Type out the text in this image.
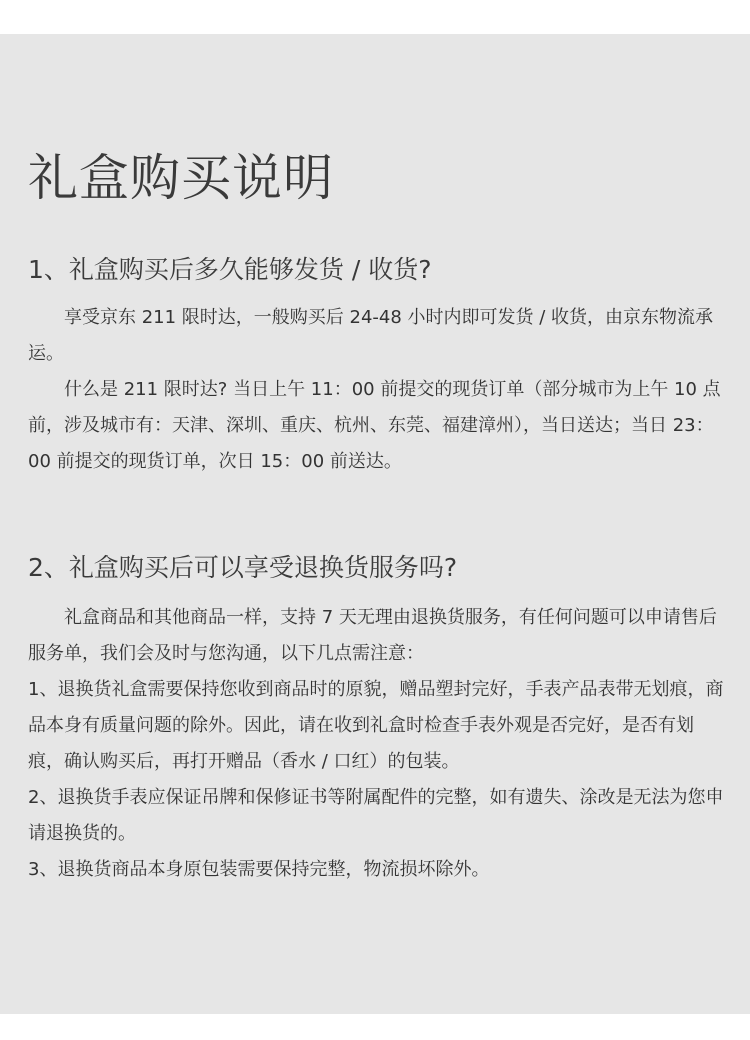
礼盒购买说明
1、礼盒购买后多久能够发货 / 收货?

享受京东 211 限时达，一般购买后 24-48 小时内即可发货 / 收货，由京东物流承运。

什么是 211 限时达? 当日上午 11：00 前提交的现货订单（部分城市为上午 10 点前，涉及城市有：天津、深圳、重庆、杭州、东莞、福建漳州），当日送达；当日 23：00 前提交的现货订单，次日 15：00 前送达。

2、礼盒购买后可以享受退换货服务吗?

礼盒商品和其他商品一样，支持 7 天无理由退换货服务，有任何问题可以申请售后服务单，我们会及时与您沟通，以下几点需注意：

1、退换货礼盒需要保持您收到商品时的原貌，赠品塑封完好，手表产品表带无划痕，商品本身有质量问题的除外。因此，请在收到礼盒时检查手表外观是否完好，是否有划痕，确认购买后，再打开赠品（香水 / 口红）的包装。

2、退换货手表应保证吊牌和保修证书等附属配件的完整，如有遗失、涂改是无法为您申请退换货的。

3、退换货商品本身原包装需要保持完整，物流损坏除外。
